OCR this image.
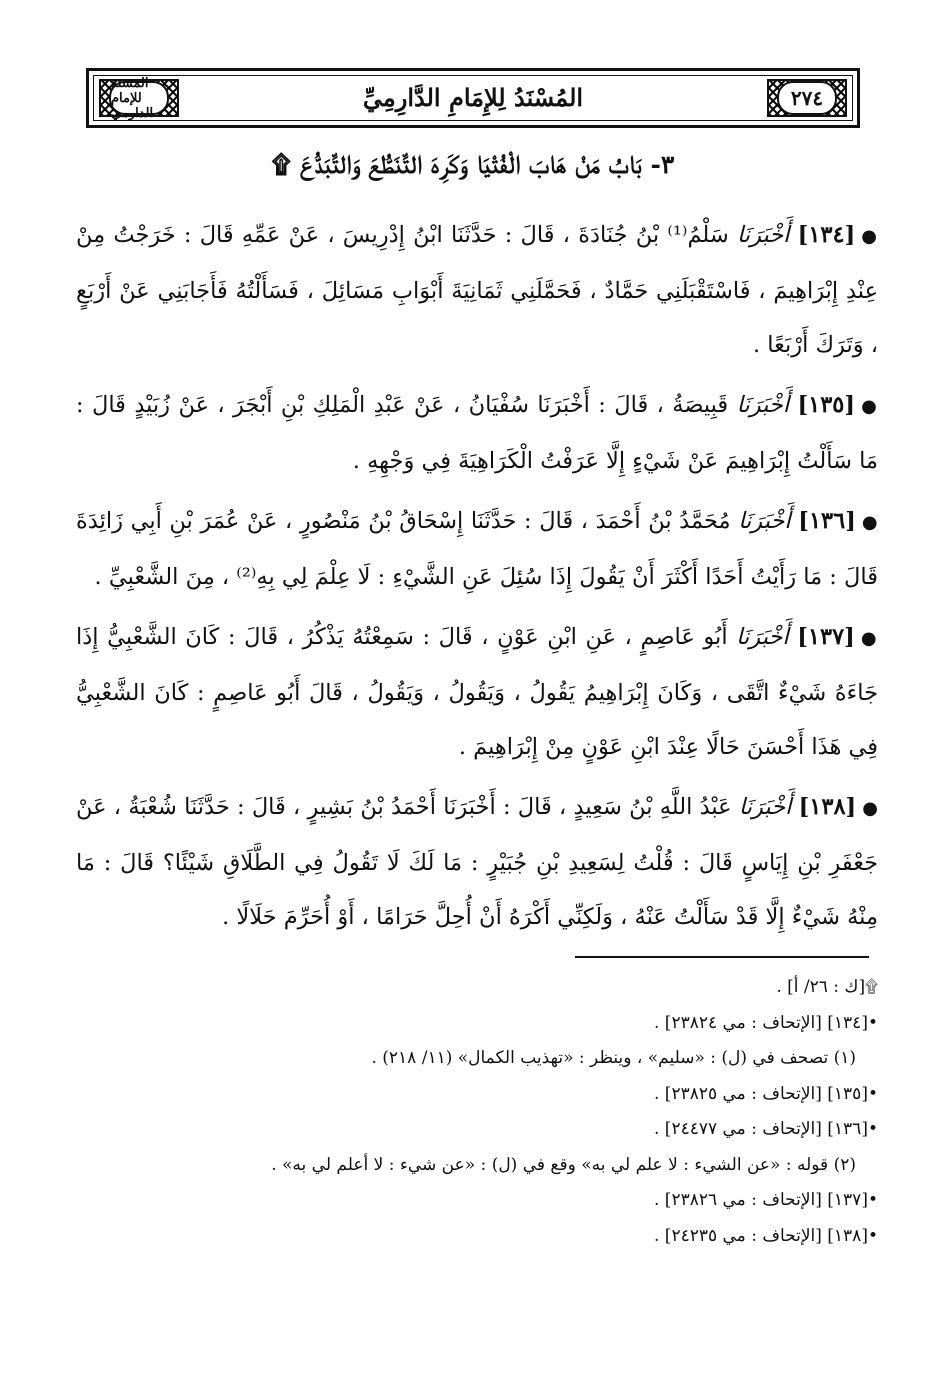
المسند للإمام الدارمي
٢٧٤
المُسْنَدُ لِلإِمَامِ الدَّارِمِيِّ
٣- بَابُ مَنْ هَابَ الْفُتْيَا وَكَرِهَ التَّنَطُّعَ وَالتَّبَدُّعَ ۩

●[١٣٤] أَخْبَرَنَا سَلْمُ⁽¹⁾ بْنُ جُنَادَةَ ، قَالَ : حَدَّثَنَا ابْنُ إِدْرِيسَ ، عَنْ عَمِّهِ قَالَ : خَرَجْتُ مِنْ عِنْدِ إِبْرَاهِيمَ ، فَاسْتَقْبَلَنِي حَمَّادٌ ، فَحَمَّلَنِي ثَمَانِيَةَ أَبْوَابِ مَسَائِلَ ، فَسَأَلْتُهُ فَأَجَابَنِي عَنْ أَرْبَعٍ ، وَتَرَكَ أَرْبَعًا .

●[١٣٥] أَخْبَرَنَا قَبِيصَةُ ، قَالَ : أَخْبَرَنَا سُفْيَانُ ، عَنْ عَبْدِ الْمَلِكِ بْنِ أَبْجَرَ ، عَنْ زُبَيْدٍ قَالَ : مَا سَأَلْتُ إِبْرَاهِيمَ عَنْ شَيْءٍ إِلَّا عَرَفْتُ الْكَرَاهِيَةَ فِي وَجْهِهِ .

●[١٣٦] أَخْبَرَنَا مُحَمَّدُ بْنُ أَحْمَدَ ، قَالَ : حَدَّثَنَا إِسْحَاقُ بْنُ مَنْصُورٍ ، عَنْ عُمَرَ بْنِ أَبِي زَائِدَةَ قَالَ : مَا رَأَيْتُ أَحَدًا أَكْثَرَ أَنْ يَقُولَ إِذَا سُئِلَ عَنِ الشَّيْءِ : لَا عِلْمَ لِي بِهِ⁽²⁾ ، مِنَ الشَّعْبِيِّ .

●[١٣٧] أَخْبَرَنَا أَبُو عَاصِمٍ ، عَنِ ابْنِ عَوْنٍ ، قَالَ : سَمِعْتُهُ يَذْكُرُ ، قَالَ : كَانَ الشَّعْبِيُّ إِذَا جَاءَهُ شَيْءٌ اتَّقَى ، وَكَانَ إِبْرَاهِيمُ يَقُولُ ، وَيَقُولُ ، وَيَقُولُ ، قَالَ أَبُو عَاصِمٍ : كَانَ الشَّعْبِيُّ فِي هَذَا أَحْسَنَ حَالًا عِنْدَ ابْنِ عَوْنٍ مِنْ إِبْرَاهِيمَ .

●[١٣٨] أَخْبَرَنَا عَبْدُ اللَّهِ بْنُ سَعِيدٍ ، قَالَ : أَخْبَرَنَا أَحْمَدُ بْنُ بَشِيرٍ ، قَالَ : حَدَّثَنَا شُعْبَةُ ، عَنْ جَعْفَرِ بْنِ إِيَاسٍ قَالَ : قُلْتُ لِسَعِيدِ بْنِ جُبَيْرٍ : مَا لَكَ لَا تَقُولُ فِي الطَّلَاقِ شَيْئًا؟ قَالَ : مَا مِنْهُ شَيْءٌ إِلَّا قَدْ سَأَلْتُ عَنْهُ ، وَلَكِنِّي أَكْرَهُ أَنْ أُحِلَّ حَرَامًا ، أَوْ أُحَرِّمَ حَلَالًا .

۩[ك : ٢٦/ أ] .

•[١٣٤] [الإتحاف : مي ٢٣٨٢٤] .

(١) تصحف في (ل) : «سليم» ، وينظر : «تهذيب الكمال» (١١/ ٢١٨) .

•[١٣٥] [الإتحاف : مي ٢٣٨٢٥] .

•[١٣٦] [الإتحاف : مي ٢٤٤٧٧] .

(٢) قوله : «عن الشيء : لا علم لي به» وقع في (ل) : «عن شيء : لا أعلم لي به» .

•[١٣٧] [الإتحاف : مي ٢٣٨٢٦] .

•[١٣٨] [الإتحاف : مي ٢٤٢٣٥] .
